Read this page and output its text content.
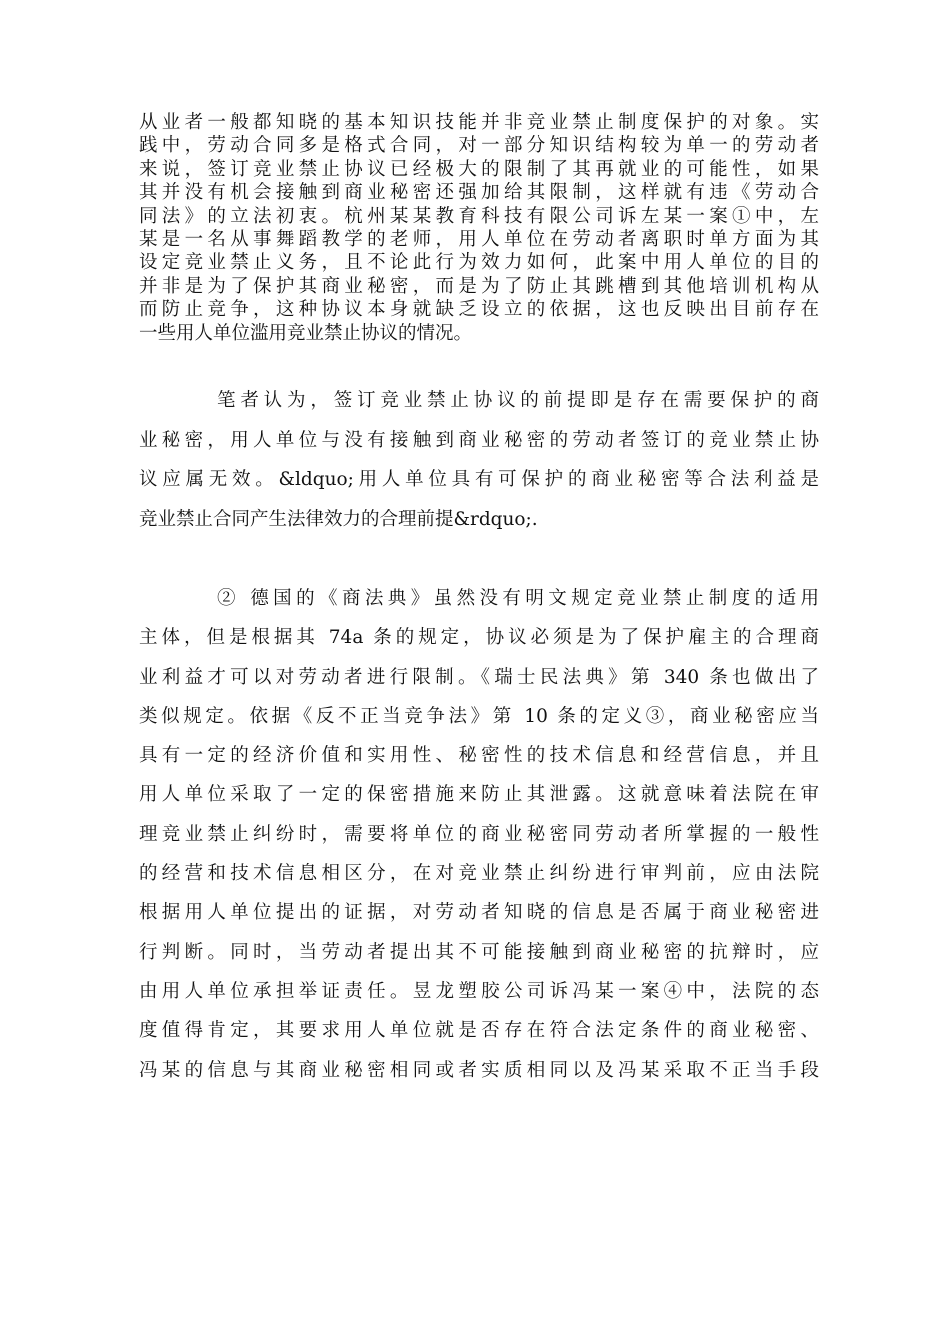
从业者一般都知晓的基本知识技能并非竞业禁止制度保护的对象。实
践中，劳动合同多是格式合同，对一部分知识结构较为单一的劳动者
来说，签订竞业禁止协议已经极大的限制了其再就业的可能性，如果
其并没有机会接触到商业秘密还强加给其限制，这样就有违《劳动合
同法》的立法初衷。杭州某某教育科技有限公司诉左某一案①中，左
某是一名从事舞蹈教学的老师，用人单位在劳动者离职时单方面为其
设定竞业禁止义务，且不论此行为效力如何，此案中用人单位的目的
并非是为了保护其商业秘密，而是为了防止其跳槽到其他培训机构从
而防止竞争，这种协议本身就缺乏设立的依据，这也反映出目前存在
一些用人单位滥用竞业禁止协议的情况。
笔者认为，签订竞业禁止协议的前提即是存在需要保护的商
业秘密，用人单位与没有接触到商业秘密的劳动者签订的竞业禁止协
议应属无效。&ldquo;用人单位具有可保护的商业秘密等合法利益是
竞业禁止合同产生法律效力的合理前提&rdquo;.
② 德国的《商法典》虽然没有明文规定竞业禁止制度的适用
主体，但是根据其 74a 条的规定，协议必须是为了保护雇主的合理商
业利益才可以对劳动者进行限制。《瑞士民法典》第 340 条也做出了
类似规定。依据《反不正当竞争法》第 10 条的定义③，商业秘密应当
具有一定的经济价值和实用性、秘密性的技术信息和经营信息，并且
用人单位采取了一定的保密措施来防止其泄露。这就意味着法院在审
理竞业禁止纠纷时，需要将单位的商业秘密同劳动者所掌握的一般性
的经营和技术信息相区分，在对竞业禁止纠纷进行审判前，应由法院
根据用人单位提出的证据，对劳动者知晓的信息是否属于商业秘密进
行判断。同时，当劳动者提出其不可能接触到商业秘密的抗辩时，应
由用人单位承担举证责任。昱龙塑胶公司诉冯某一案④中，法院的态
度值得肯定，其要求用人单位就是否存在符合法定条件的商业秘密、
冯某的信息与其商业秘密相同或者实质相同以及冯某采取不正当手段
